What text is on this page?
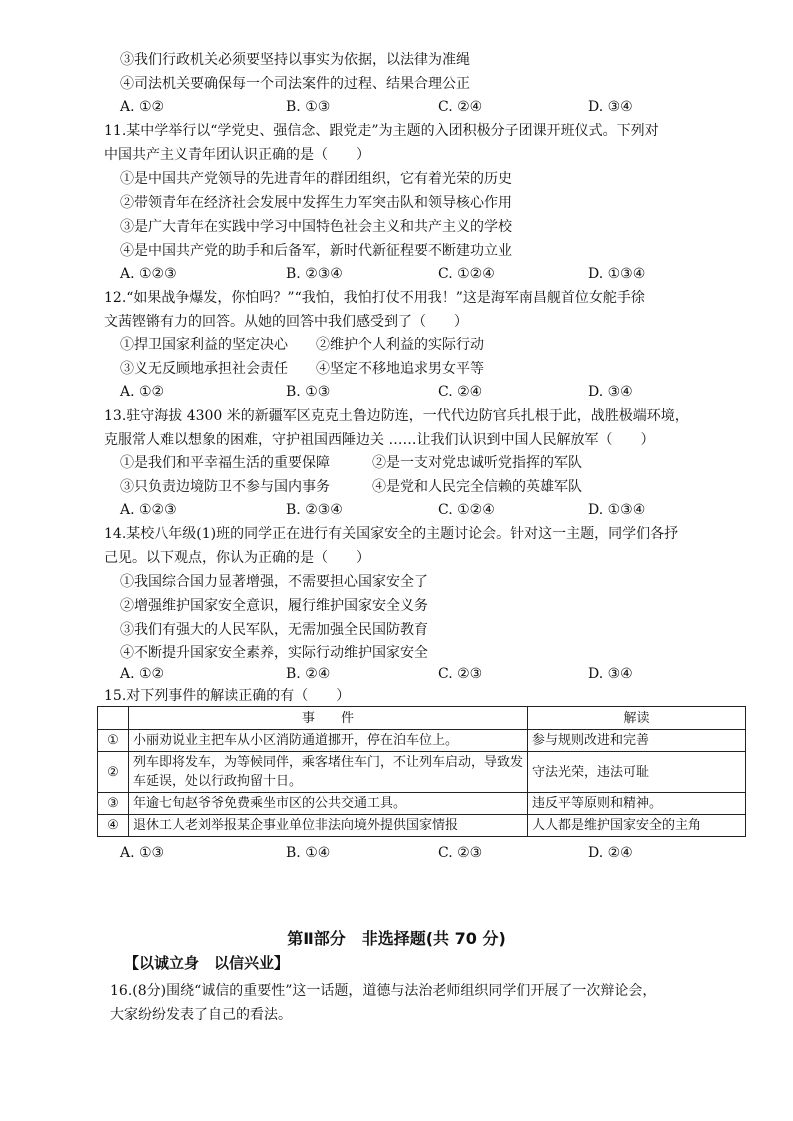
③我们行政机关必须要坚持以事实为依据，以法律为准绳
④司法机关要确保每一个司法案件的过程、结果合理公正
A. ①②	B. ①③	C. ②④	D. ③④
11.某中学举行以“学党史、强信念、跟党走”为主题的入团积极分子团课开班仪式。下列对
中国共产主义青年团认识正确的是（　　）
①是中国共产党领导的先进青年的群团组织，它有着光荣的历史
②带领青年在经济社会发展中发挥生力军突击队和领导核心作用
③是广大青年在实践中学习中国特色社会主义和共产主义的学校
④是中国共产党的助手和后备军，新时代新征程要不断建功立业
A. ①②③	B. ②③④	C. ①②④	D. ①③④
12.“如果战争爆发，你怕吗？”“我怕，我怕打仗不用我！”这是海军南昌舰首位女舵手徐
文茜铿锵有力的回答。从她的回答中我们感受到了（　　）
①捍卫国家利益的坚定决心　　②维护个人利益的实际行动
③义无反顾地承担社会责任　　④坚定不移地追求男女平等
A. ①②	B. ①③	C. ②④	D. ③④
13.驻守海拔 4300 米的新疆军区克克土鲁边防连，一代代边防官兵扎根于此，战胜极端环境，
克服常人难以想象的困难，守护祖国西陲边关 ……让我们认识到中国人民解放军（　　）
①是我们和平幸福生活的重要保障　　　②是一支对党忠诚听党指挥的军队
③只负责边境防卫不参与国内事务　　　④是党和人民完全信赖的英雄军队
A. ①②③	B. ②③④	C. ①②④	D. ①③④
14.某校八年级(1)班的同学正在进行有关国家安全的主题讨论会。针对这一主题，同学们各抒
己见。以下观点，你认为正确的是（　　）
①我国综合国力显著增强，不需要担心国家安全了
②增强维护国家安全意识，履行维护国家安全义务
③我们有强大的人民军队，无需加强全民国防教育
④不断提升国家安全素养，实际行动维护国家安全
A. ①②	B. ②④	C. ②③	D. ③④
15.对下列事件的解读正确的有（　　）
	事　　件	解读
①	小丽劝说业主把车从小区消防通道挪开，停在泊车位上。	参与规则改进和完善
②	列车即将发车，为等候同伴，乘客堵住车门，不让列车启动，导致发车延误，处以行政拘留十日。	守法光荣，违法可耻
③	年逾七旬赵爷爷免费乘坐市区的公共交通工具。	违反平等原则和精神。
④	退休工人老刘举报某企事业单位非法向境外提供国家情报	人人都是维护国家安全的主角
A. ①③	B. ①④	C. ②③	D. ②④
第Ⅱ部分　非选择题(共 70 分)
【以诚立身　以信兴业】
16.(8分)围绕“诚信的重要性”这一话题，道德与法治老师组织同学们开展了一次辩论会，
大家纷纷发表了自己的看法。
